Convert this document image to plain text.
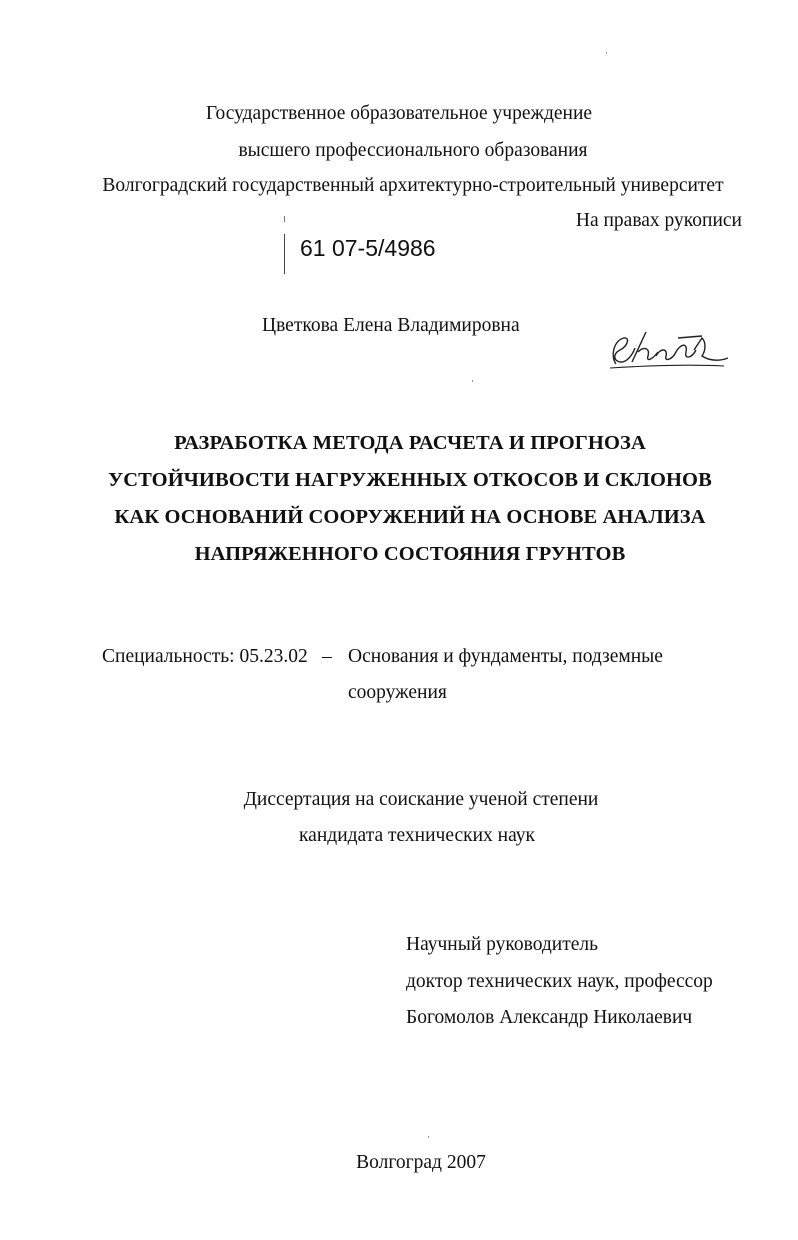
Государственное образовательное учреждение
высшего профессионального образования
Волгоградский государственный архитектурно-строительный университет
На правах рукописи
61 07-5/4986
Цветкова Елена Владимировна
РАЗРАБОТКА МЕТОДА РАСЧЕТА И ПРОГНОЗА
УСТОЙЧИВОСТИ НАГРУЖЕННЫХ ОТКОСОВ И СКЛОНОВ
КАК ОСНОВАНИЙ СООРУЖЕНИЙ НА ОСНОВЕ АНАЛИЗА
НАПРЯЖЕННОГО СОСТОЯНИЯ ГРУНТОВ
Специальность: 05.23.02 – Основания и фундаменты, подземные
сооружения
Диссертация на соискание ученой степени
кандидата технических наук
Научный руководитель
доктор технических наук, профессор
Богомолов Александр Николаевич
Волгоград 2007
